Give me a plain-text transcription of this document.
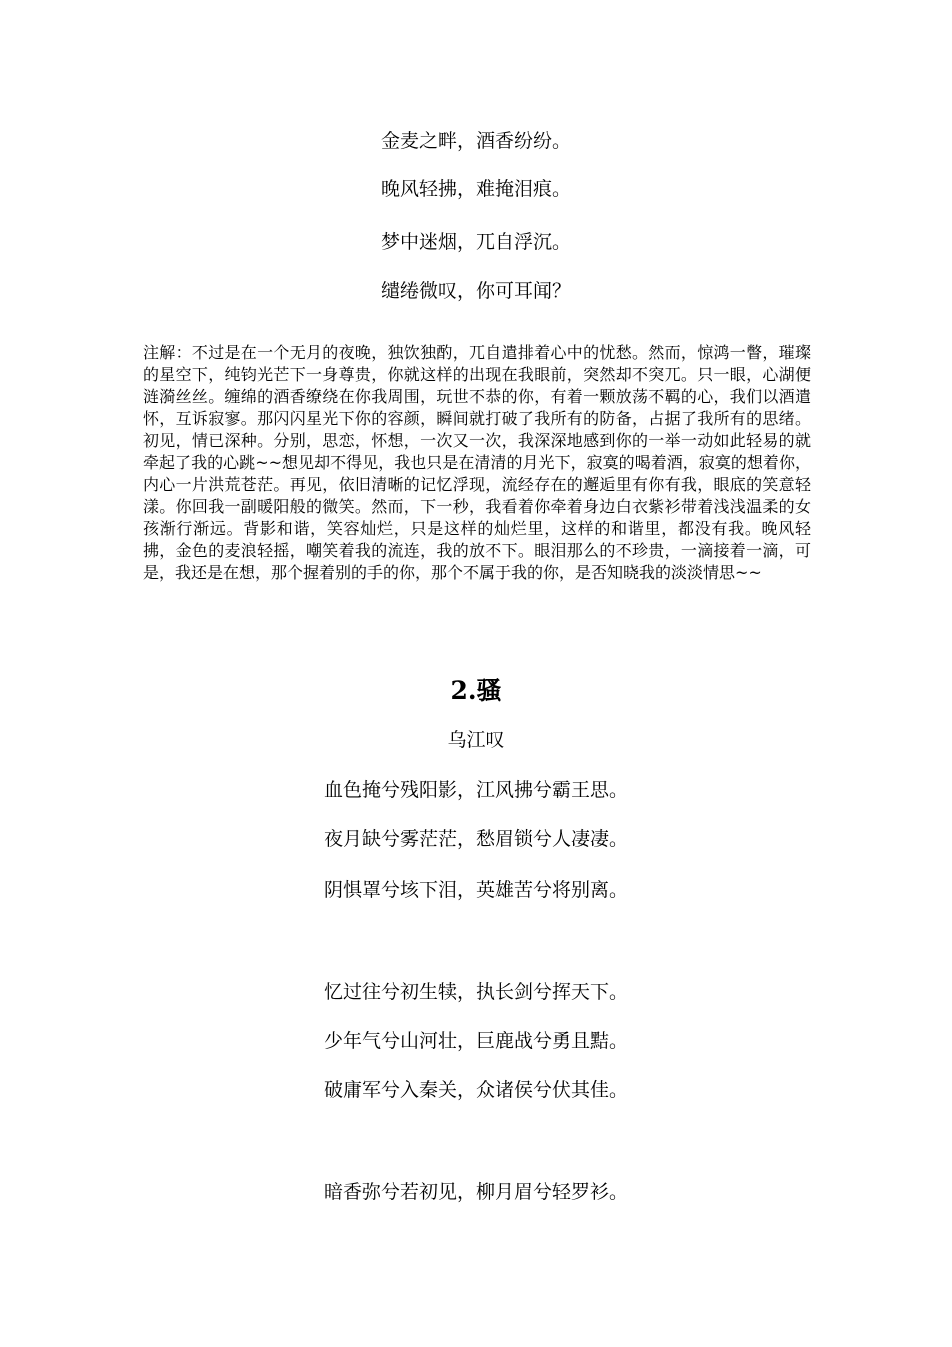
金麦之畔，酒香纷纷。
晚风轻拂，难掩泪痕。
梦中迷烟，兀自浮沉。
缱绻微叹，你可耳闻？

注解：不过是在一个无月的夜晚，独饮独酌，兀自遣排着心中的忧愁。然而，惊鸿一瞥，璀璨的星空下，纯钧光芒下一身尊贵，你就这样的出现在我眼前，突然却不突兀。只一眼，心湖便涟漪丝丝。缠绵的酒香缭绕在你我周围，玩世不恭的你，有着一颗放荡不羁的心，我们以酒遣怀，互诉寂寥。那闪闪星光下你的容颜，瞬间就打破了我所有的防备，占据了我所有的思绪。初见，情已深种。分别，思恋，怀想，一次又一次，我深深地感到你的一举一动如此轻易的就牵起了我的心跳~~想见却不得见，我也只是在清清的月光下，寂寞的喝着酒，寂寞的想着你，内心一片洪荒苍茫。再见，依旧清晰的记忆浮现，流经存在的邂逅里有你有我，眼底的笑意轻漾。你回我一副暖阳般的微笑。然而，下一秒，我看着你牵着身边白衣紫衫带着浅浅温柔的女孩渐行渐远。背影和谐，笑容灿烂，只是这样的灿烂里，这样的和谐里，都没有我。晚风轻拂，金色的麦浪轻摇，嘲笑着我的流连，我的放不下。眼泪那么的不珍贵，一滴接着一滴，可是，我还是在想，那个握着别的手的你，那个不属于我的你，是否知晓我的淡淡情思~~

2.骚
乌江叹
血色掩兮残阳影，江风拂兮霸王思。
夜月缺兮雾茫茫，愁眉锁兮人凄凄。
阴惧罩兮垓下泪，英雄苦兮将别离。
忆过往兮初生犊，执长剑兮挥天下。
少年气兮山河壮，巨鹿战兮勇且黠。
破庸军兮入秦关，众诸侯兮伏其佳。
暗香弥兮若初见，柳月眉兮轻罗衫。
